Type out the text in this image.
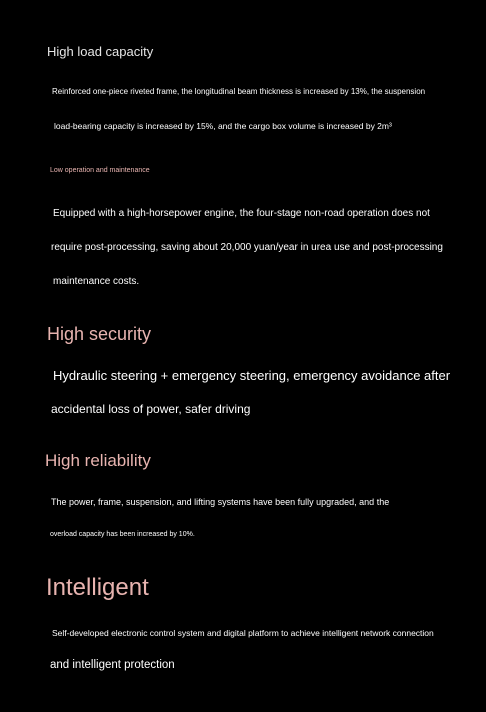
High load capacity

Reinforced one-piece riveted frame, the longitudinal beam thickness is increased by 13%, the suspension

load-bearing capacity is increased by 15%, and the cargo box volume is increased by 2m³

Low operation and maintenance

Equipped with a high-horsepower engine, the four-stage non-road operation does not

require post-processing, saving about 20,000 yuan/year in urea use and post-processing

maintenance costs.

High security

Hydraulic steering + emergency steering, emergency avoidance after

accidental loss of power, safer driving

High reliability

The power, frame, suspension, and lifting systems have been fully upgraded, and the

overload capacity has been increased by 10%.

Intelligent

Self-developed electronic control system and digital platform to achieve intelligent network connection

and intelligent protection
